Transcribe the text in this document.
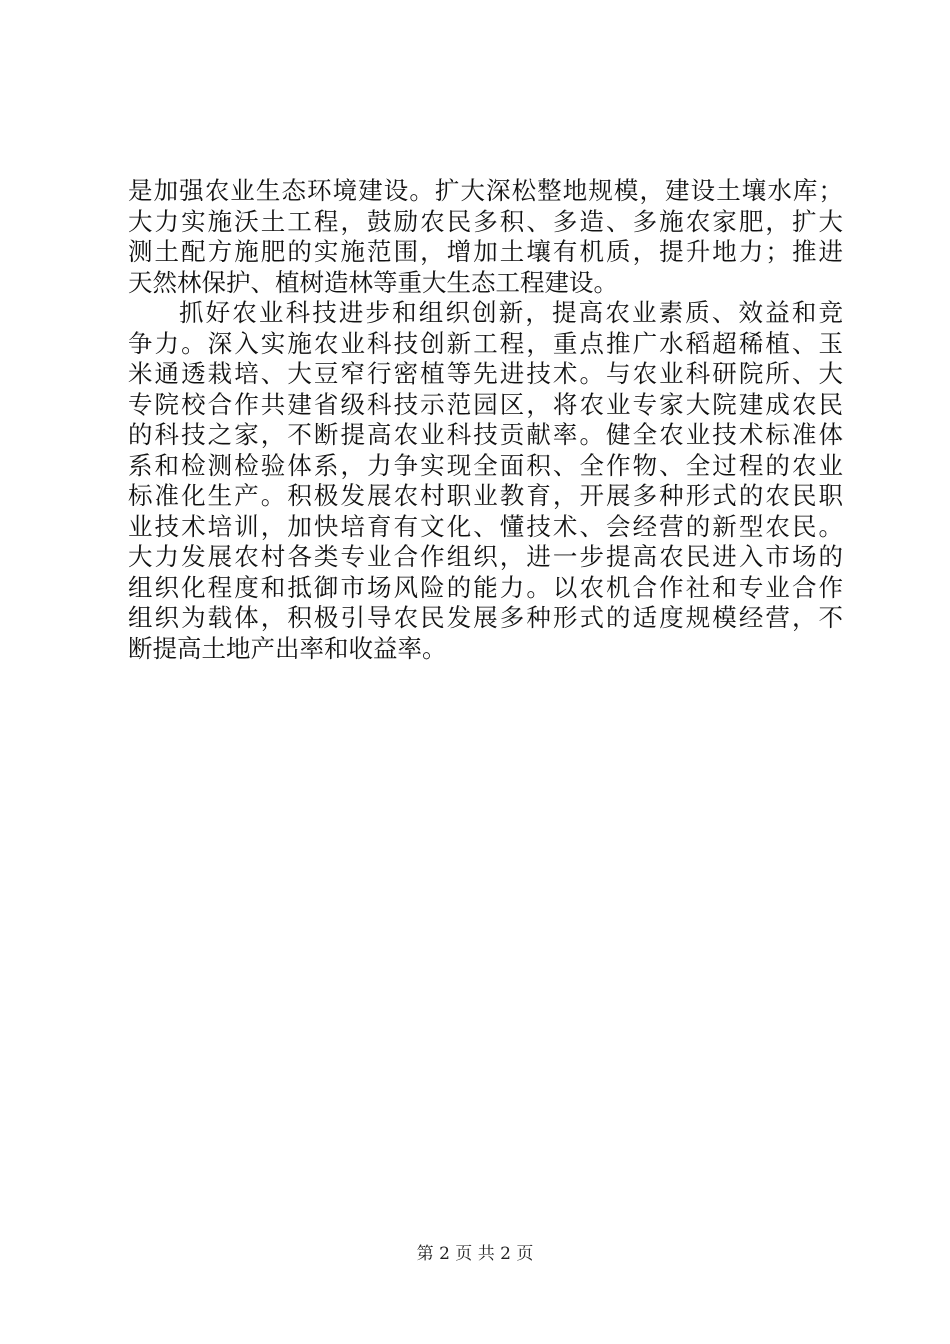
是加强农业生态环境建设。扩大深松整地规模，建设土壤水库；
大力实施沃土工程，鼓励农民多积、多造、多施农家肥，扩大
测土配方施肥的实施范围，增加土壤有机质，提升地力；推进
天然林保护、植树造林等重大生态工程建设。
抓好农业科技进步和组织创新，提高农业素质、效益和竞
争力。深入实施农业科技创新工程，重点推广水稻超稀植、玉
米通透栽培、大豆窄行密植等先进技术。与农业科研院所、大
专院校合作共建省级科技示范园区，将农业专家大院建成农民
的科技之家，不断提高农业科技贡献率。健全农业技术标准体
系和检测检验体系，力争实现全面积、全作物、全过程的农业
标准化生产。积极发展农村职业教育，开展多种形式的农民职
业技术培训，加快培育有文化、懂技术、会经营的新型农民。
大力发展农村各类专业合作组织，进一步提高农民进入市场的
组织化程度和抵御市场风险的能力。以农机合作社和专业合作
组织为载体，积极引导农民发展多种形式的适度规模经营，不
断提高土地产出率和收益率。
第 2 页 共 2 页
